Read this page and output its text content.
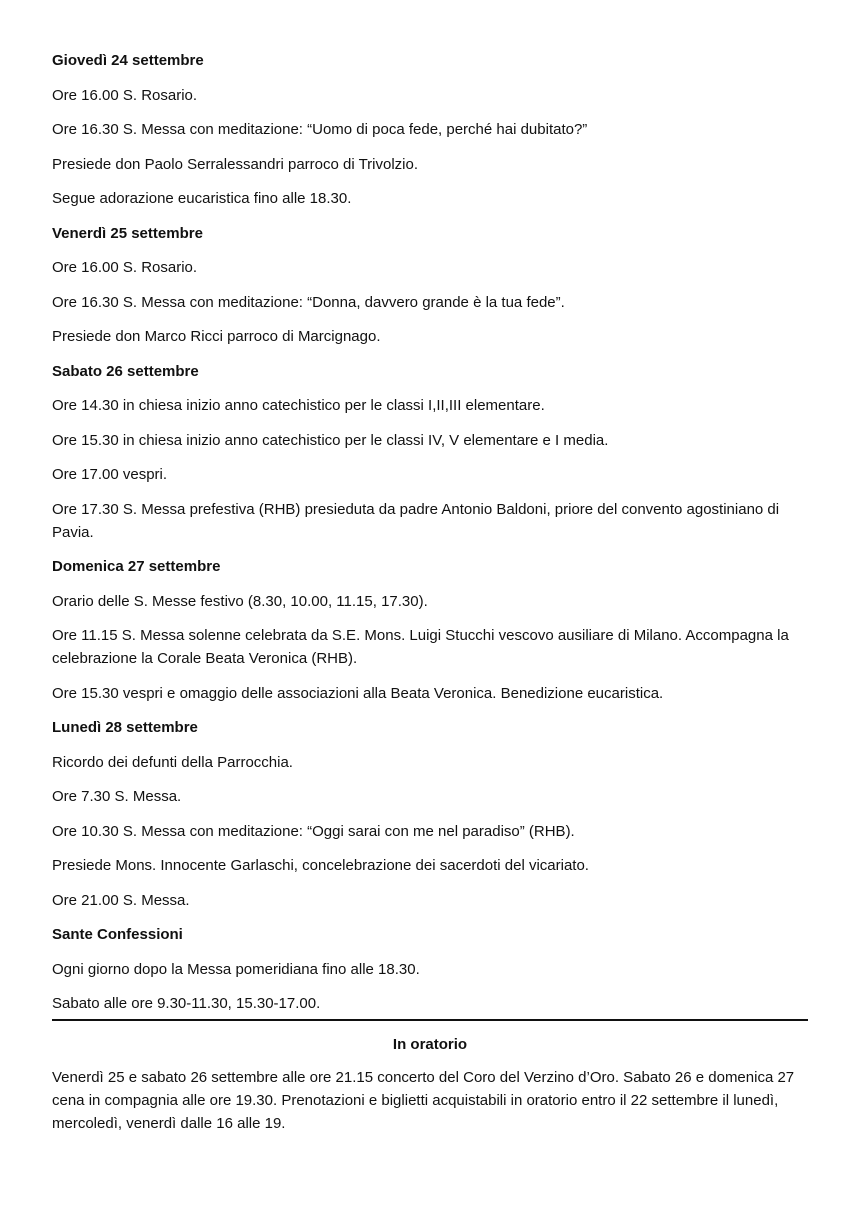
Giovedì 24 settembre
Ore 16.00 S. Rosario.
Ore 16.30 S. Messa con meditazione: “Uomo di poca fede, perché hai dubitato?”
Presiede don Paolo Serralessandri parroco di Trivolzio.
Segue adorazione eucaristica fino alle 18.30.
Venerdì 25 settembre
Ore 16.00 S. Rosario.
Ore 16.30 S. Messa con meditazione: “Donna, davvero grande è la tua fede”.
Presiede don Marco Ricci parroco di Marcignago.
Sabato 26 settembre
Ore 14.30 in chiesa inizio anno catechistico per le classi I,II,III elementare.
Ore 15.30 in chiesa inizio anno catechistico per le classi IV, V elementare e I media.
Ore 17.00 vespri.
Ore 17.30 S. Messa prefestiva (RHB) presieduta da padre Antonio Baldoni, priore del convento agostiniano di Pavia.
Domenica 27 settembre
Orario delle S. Messe festivo (8.30, 10.00, 11.15, 17.30).
Ore 11.15 S. Messa solenne celebrata da S.E. Mons. Luigi Stucchi vescovo ausiliare di Milano. Accompagna la celebrazione la Corale Beata Veronica (RHB).
Ore 15.30 vespri e omaggio delle associazioni alla Beata Veronica. Benedizione eucaristica.
Lunedì 28 settembre
Ricordo dei defunti della Parrocchia.
Ore 7.30 S. Messa.
Ore 10.30 S. Messa con meditazione: “Oggi sarai con me nel paradiso” (RHB).
Presiede Mons. Innocente Garlaschi, concelebrazione dei sacerdoti del vicariato.
Ore 21.00 S. Messa.
Sante Confessioni
Ogni giorno dopo la Messa pomeridiana fino alle 18.30.
Sabato alle ore 9.30-11.30, 15.30-17.00.
In oratorio

Venerdì 25 e sabato 26 settembre alle ore 21.15 concerto del Coro del Verzino d’Oro. Sabato 26 e domenica 27 cena in compagnia alle ore 19.30. Prenotazioni e biglietti acquistabili in oratorio entro il 22 settembre il lunedì, mercoledì, venerdì dalle 16 alle 19.
